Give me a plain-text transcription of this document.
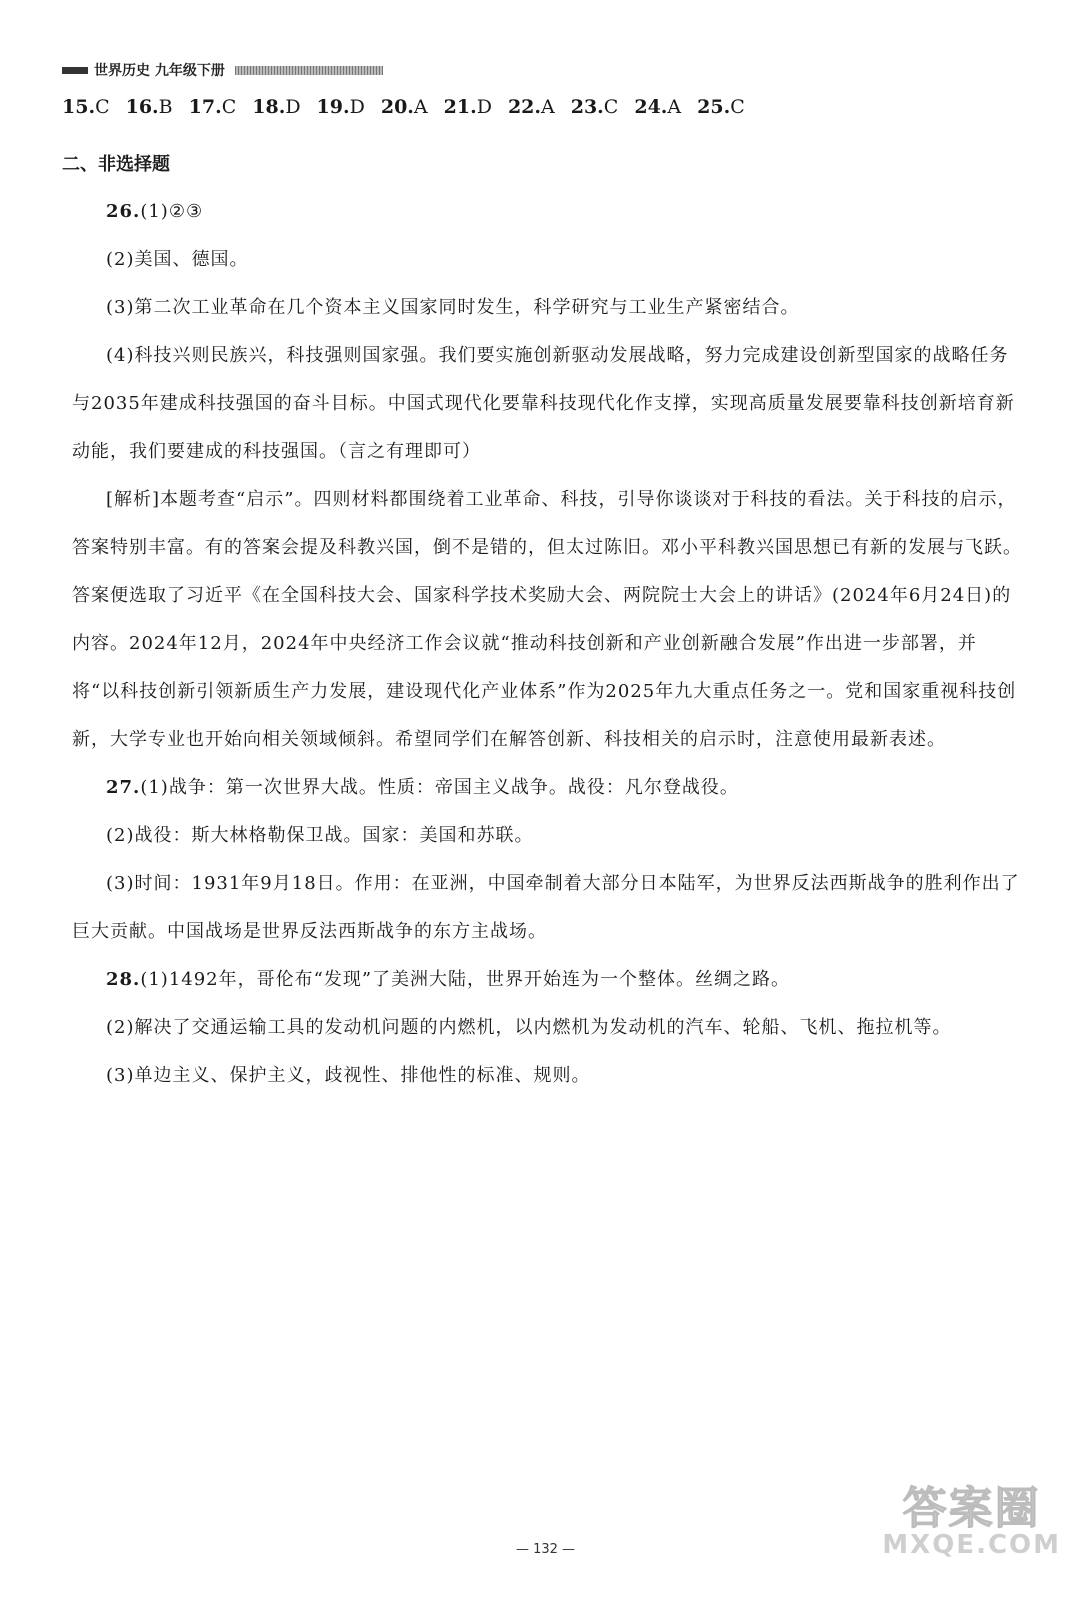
世界历史 九年级下册
15.C 16.B 17.C 18.D 19.D 20.A 21.D 22.A 23.C 24.A 25.C
二、非选择题

26.(1)②③

(2)美国、德国。

(3)第二次工业革命在几个资本主义国家同时发生，科学研究与工业生产紧密结合。

(4)科技兴则民族兴，科技强则国家强。我们要实施创新驱动发展战略，努力完成建设创新型国家的战略任务与2035年建成科技强国的奋斗目标。中国式现代化要靠科技现代化作支撑，实现高质量发展要靠科技创新培育新动能，我们要建成的科技强国。（言之有理即可）

[解析]本题考查“启示”。四则材料都围绕着工业革命、科技，引导你谈谈对于科技的看法。关于科技的启示，答案特别丰富。有的答案会提及科教兴国，倒不是错的，但太过陈旧。邓小平科教兴国思想已有新的发展与飞跃。答案便选取了习近平《在全国科技大会、国家科学技术奖励大会、两院院士大会上的讲话》(2024年6月24日)的内容。2024年12月，2024年中央经济工作会议就“推动科技创新和产业创新融合发展”作出进一步部署，并将“以科技创新引领新质生产力发展，建设现代化产业体系”作为2025年九大重点任务之一。党和国家重视科技创新，大学专业也开始向相关领域倾斜。希望同学们在解答创新、科技相关的启示时，注意使用最新表述。

27.(1)战争：第一次世界大战。性质：帝国主义战争。战役：凡尔登战役。

(2)战役：斯大林格勒保卫战。国家：美国和苏联。

(3)时间：1931年9月18日。作用：在亚洲，中国牵制着大部分日本陆军，为世界反法西斯战争的胜利作出了巨大贡献。中国战场是世界反法西斯战争的东方主战场。

28.(1)1492年，哥伦布“发现”了美洲大陆，世界开始连为一个整体。丝绸之路。

(2)解决了交通运输工具的发动机问题的内燃机，以内燃机为发动机的汽车、轮船、飞机、拖拉机等。

(3)单边主义、保护主义，歧视性、排他性的标准、规则。

— 132 —
答案圈
MXQE.COM
